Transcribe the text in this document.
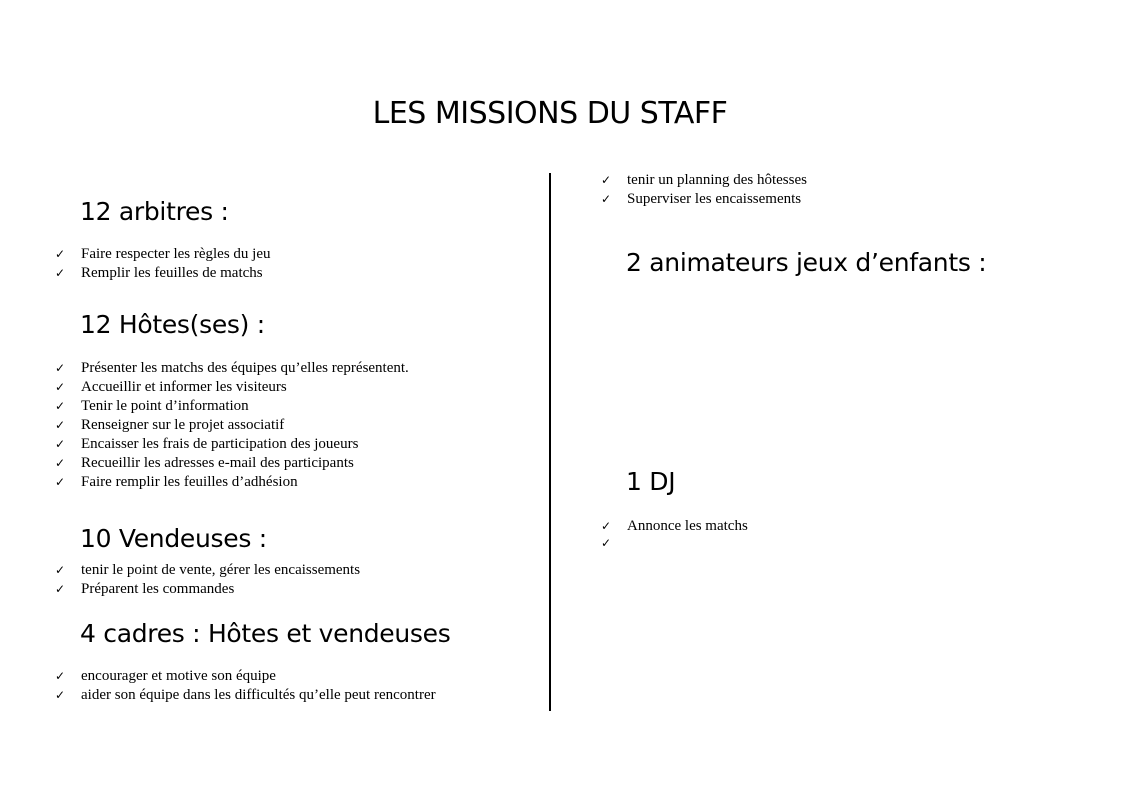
LES MISSIONS DU STAFF
12 arbitres :
✓ Faire respecter les règles du jeu
✓ Remplir les feuilles de matchs
12 Hôtes(ses) :
✓ Présenter les matchs des équipes qu’elles représentent.
✓ Accueillir et informer les visiteurs
✓ Tenir le point d’information
✓ Renseigner sur le projet associatif
✓ Encaisser les frais de participation des joueurs
✓ Recueillir les adresses e-mail des participants
✓ Faire remplir les feuilles d’adhésion
10 Vendeuses :
✓ tenir le point de vente, gérer les encaissements
✓ Préparent les commandes
4 cadres : Hôtes et vendeuses
✓ encourager et motive son équipe
✓ aider son équipe dans les difficultés qu’elle peut rencontrer
✓ tenir un planning des hôtesses
✓ Superviser les encaissements
2 animateurs jeux d’enfants :
1 DJ
✓ Annonce les matchs
✓
